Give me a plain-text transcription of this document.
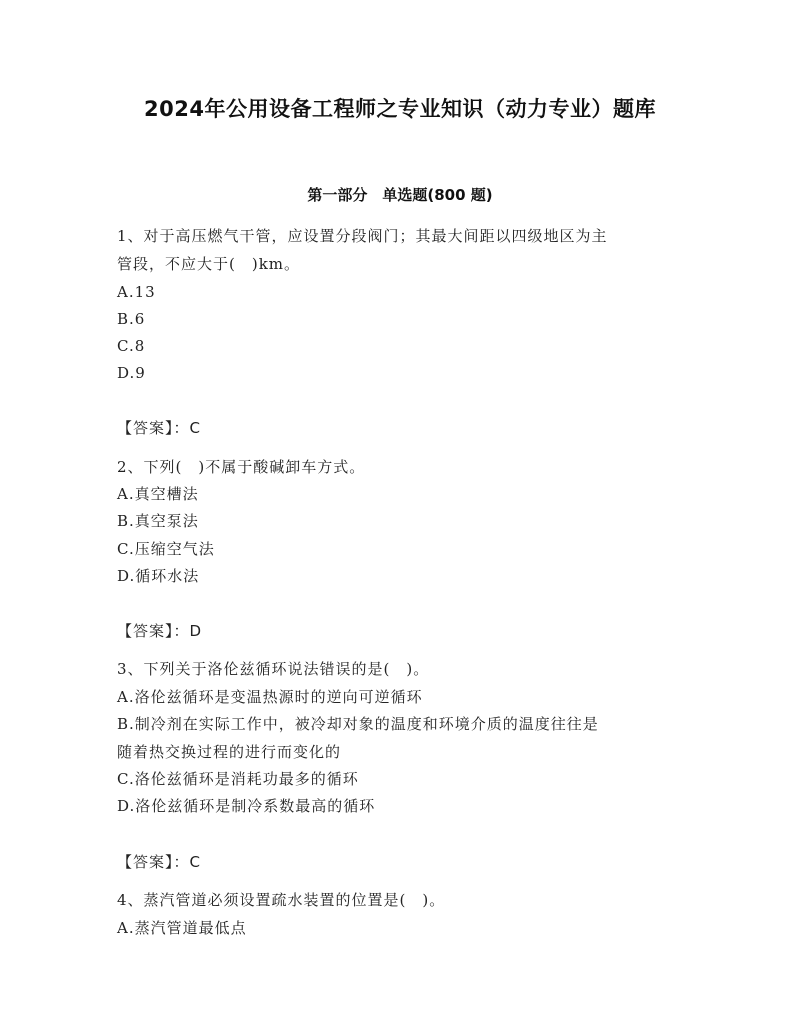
2024年公用设备工程师之专业知识（动力专业）题库
第一部分　单选题(800 题)

1、对于高压燃气干管，应设置分段阀门；其最大间距以四级地区为主

管段，不应大于(　)km。

A.13

B.6

C.8

D.9

【答案】：C

2、下列(　)不属于酸碱卸车方式。

A.真空槽法

B.真空泵法

C.压缩空气法

D.循环水法

【答案】：D

3、下列关于洛伦兹循环说法错误的是(　)。

A.洛伦兹循环是变温热源时的逆向可逆循环

B.制冷剂在实际工作中，被冷却对象的温度和环境介质的温度往往是

随着热交换过程的进行而变化的

C.洛伦兹循环是消耗功最多的循环

D.洛伦兹循环是制冷系数最高的循环

【答案】：C

4、蒸汽管道必须设置疏水装置的位置是(　)。

A.蒸汽管道最低点
